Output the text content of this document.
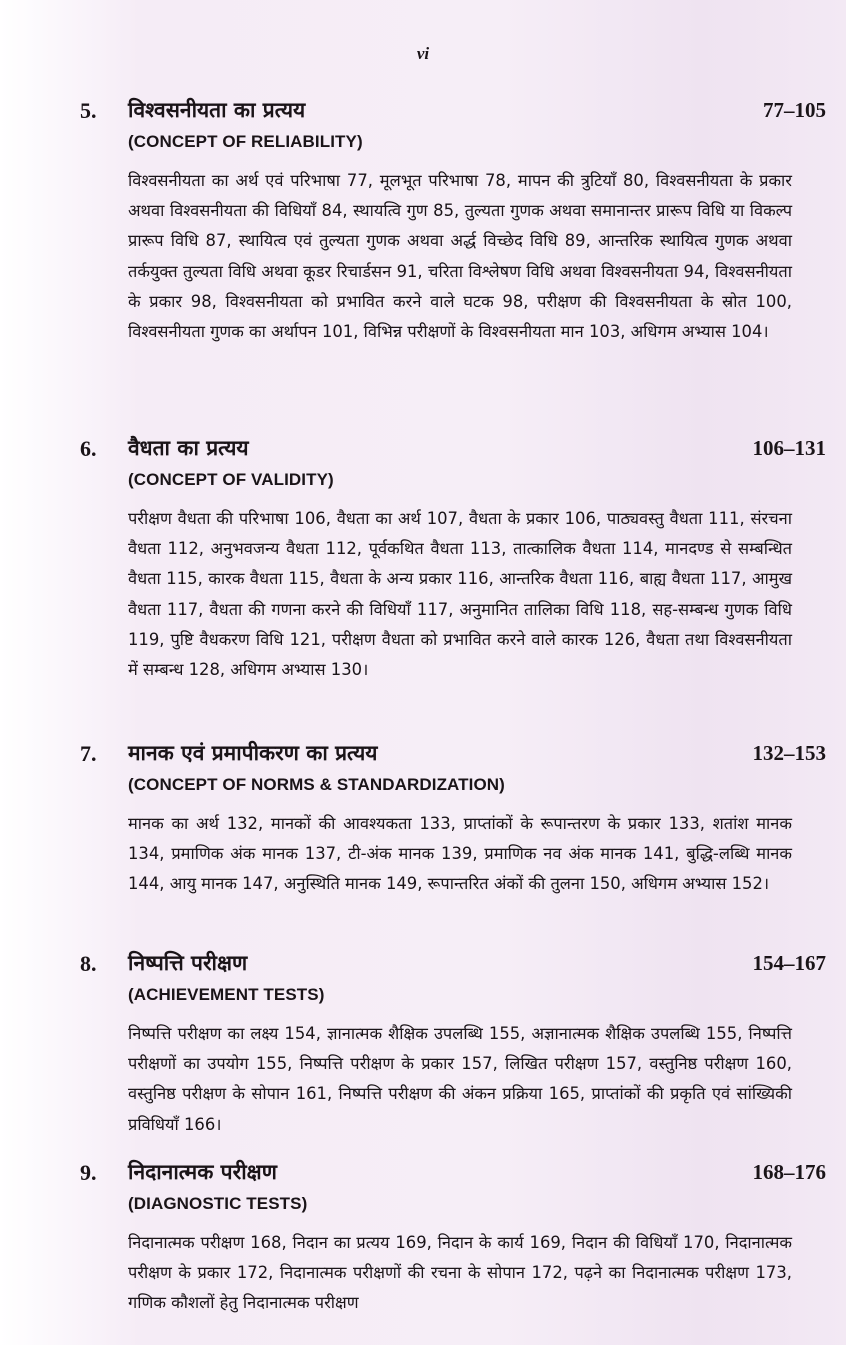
vi
5. विश्वसनीयता का प्रत्यय	77–105
(CONCEPT OF RELIABILITY)
विश्वसनीयता का अर्थ एवं परिभाषा 77, मूलभूत परिभाषा 78, मापन की त्रुटियाँ 80, विश्वसनीयता के प्रकार अथवा विश्वसनीयता की विधियाँ 84, स्थायत्वि गुण 85, तुल्यता गुणक अथवा समानान्तर प्रारूप विधि या विकल्प प्रारूप विधि 87, स्थायित्व एवं तुल्यता गुणक अथवा अर्द्ध विच्छेद विधि 89, आन्तरिक स्थायित्व गुणक अथवा तर्कयुक्त तुल्यता विधि अथवा कूडर रिचार्डसन 91, चरिता विश्लेषण विधि अथवा विश्वसनीयता 94, विश्वसनीयता के प्रकार 98, विश्वसनीयता को प्रभावित करने वाले घटक 98, परीक्षण की विश्वसनीयता के स्रोत 100, विश्वसनीयता गुणक का अर्थापन 101, विभिन्न परीक्षणों के विश्वसनीयता मान 103, अधिगम अभ्यास 104।
6. वैधता का प्रत्यय	106–131
(CONCEPT OF VALIDITY)
परीक्षण वैधता की परिभाषा 106, वैधता का अर्थ 107, वैधता के प्रकार 106, पाठ्यवस्तु वैधता 111, संरचना वैधता 112, अनुभवजन्य वैधता 112, पूर्वकथित वैधता 113, तात्कालिक वैधता 114, मानदण्ड से सम्बन्धित वैधता 115, कारक वैधता 115, वैधता के अन्य प्रकार 116, आन्तरिक वैधता 116, बाह्य वैधता 117, आमुख वैधता 117, वैधता की गणना करने की विधियाँ 117, अनुमानित तालिका विधि 118, सह-सम्बन्ध गुणक विधि 119, पुष्टि वैधकरण विधि 121, परीक्षण वैधता को प्रभावित करने वाले कारक 126, वैधता तथा विश्वसनीयता में सम्बन्ध 128, अधिगम अभ्यास 130।
7. मानक एवं प्रमापीकरण का प्रत्यय	132–153
(CONCEPT OF NORMS & STANDARDIZATION)
मानक का अर्थ 132, मानकों की आवश्यकता 133, प्राप्तांकों के रूपान्तरण के प्रकार 133, शतांश मानक 134, प्रमाणिक अंक मानक 137, टी-अंक मानक 139, प्रमाणिक नव अंक मानक 141, बुद्धि-लब्धि मानक 144, आयु मानक 147, अनुस्थिति मानक 149, रूपान्तरित अंकों की तुलना 150, अधिगम अभ्यास 152।
8. निष्पत्ति परीक्षण	154–167
(ACHIEVEMENT TESTS)
निष्पत्ति परीक्षण का लक्ष्य 154, ज्ञानात्मक शैक्षिक उपलब्धि 155, अज्ञानात्मक शैक्षिक उपलब्धि 155, निष्पत्ति परीक्षणों का उपयोग 155, निष्पत्ति परीक्षण के प्रकार 157, लिखित परीक्षण 157, वस्तुनिष्ठ परीक्षण 160, वस्तुनिष्ठ परीक्षण के सोपान 161, निष्पत्ति परीक्षण की अंकन प्रक्रिया 165, प्राप्तांकों की प्रकृति एवं सांख्यिकी प्रविधियाँ 166।
9. निदानात्मक परीक्षण	168–176
(DIAGNOSTIC TESTS)
निदानात्मक परीक्षण 168, निदान का प्रत्यय 169, निदान के कार्य 169, निदान की विधियाँ 170, निदानात्मक परीक्षण के प्रकार 172, निदानात्मक परीक्षणों की रचना के सोपान 172, पढ़ने का निदानात्मक परीक्षण 173, गणिक कौशलों हेतु निदानात्मक परीक्षण
